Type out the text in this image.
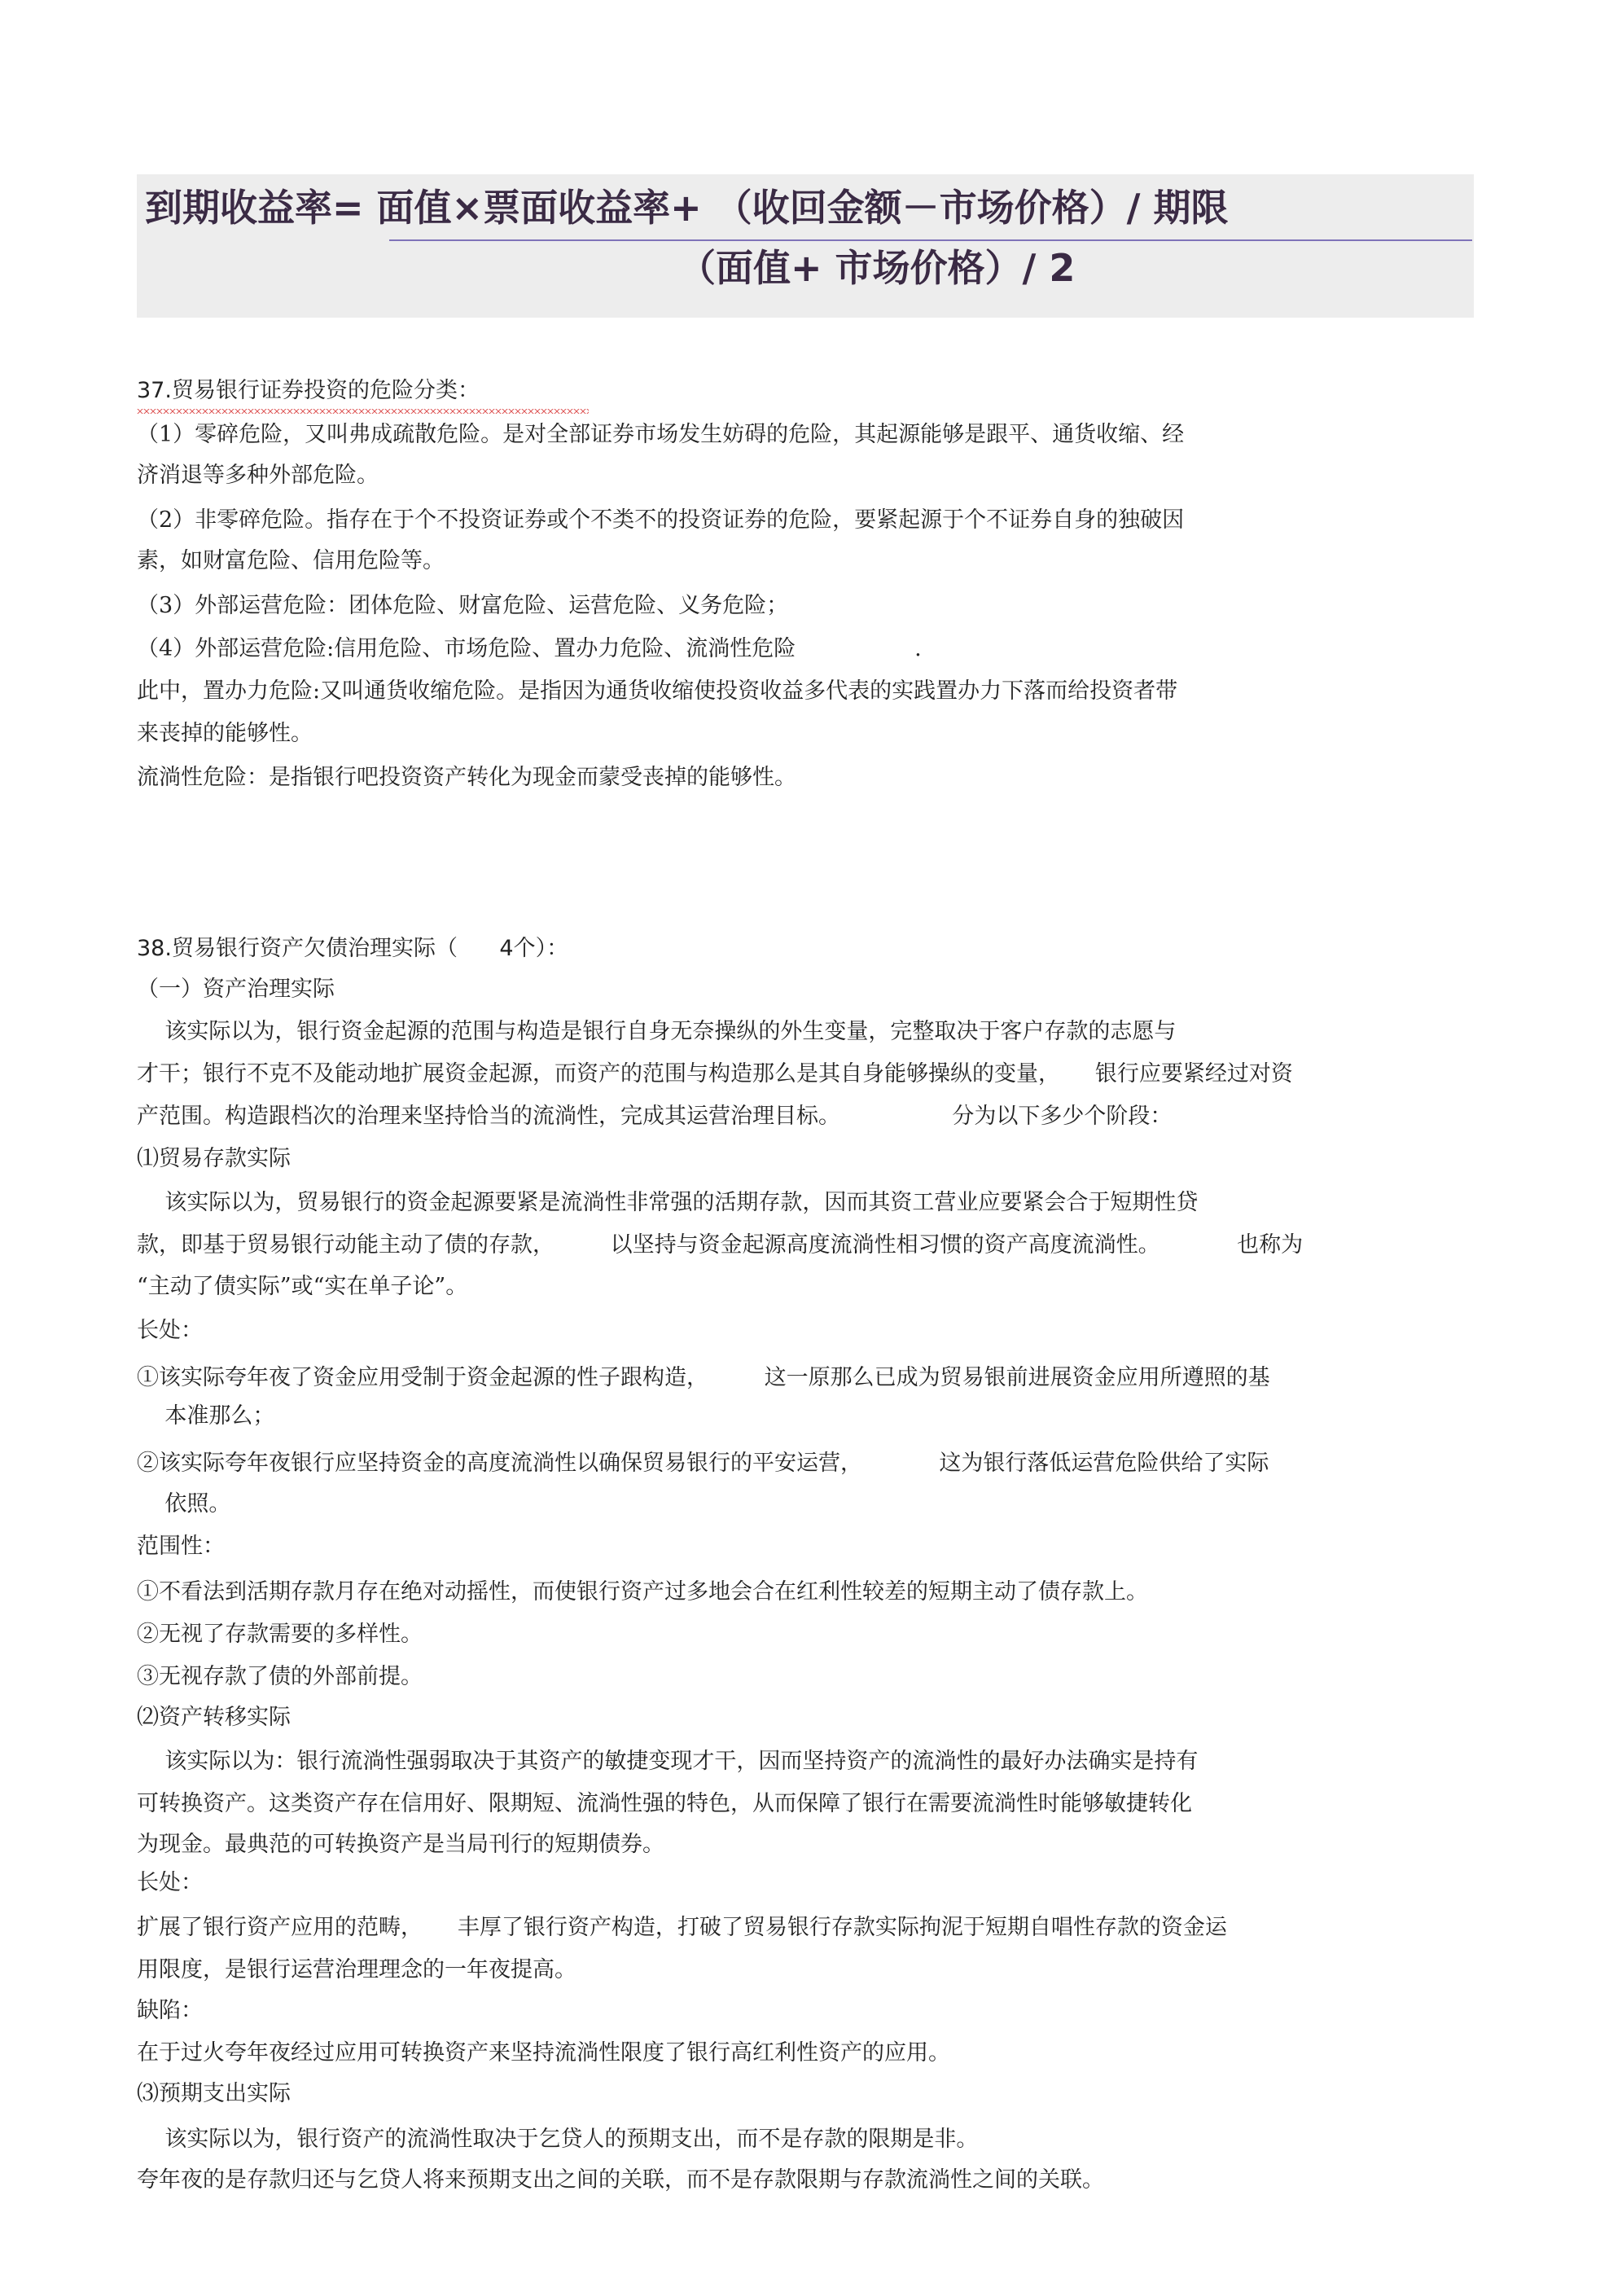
到期收益率= 面值×票面收益率+ （收回金额－市场价格）/ 期限
（面值+ 市场价格）/ 2
37.贸易银行证券投资的危险分类：
（1）零碎危险，又叫弗成疏散危险。是对全部证券市场发生妨碍的危险，其起源能够是跟平、通货收缩、经
济消退等多种外部危险。
（2）非零碎危险。指存在于个不投资证券或个不类不的投资证券的危险，要紧起源于个不证券自身的独破因
素，如财富危险、信用危险等。
（3）外部运营危险：团体危险、财富危险、运营危险、义务危险；
（4）外部运营危险:信用危险、市场危险、置办力危险、流淌性危险                 .
此中，置办力危险:又叫通货收缩危险。是指因为通货收缩使投资收益多代表的实践置办力下落而给投资者带
来丧掉的能够性。
流淌性危险：是指银行吧投资资产转化为现金而蒙受丧掉的能够性。
38.贸易银行资产欠债治理实际（      4个）：
（一）资产治理实际
该实际以为，银行资金起源的范围与构造是银行自身无奈操纵的外生变量，完整取决于客户存款的志愿与
才干；银行不克不及能动地扩展资金起源，而资产的范围与构造那么是其自身能够操纵的变量，     银行应要紧经过对资
产范围。构造跟档次的治理来坚持恰当的流淌性，完成其运营治理目标。                分为以下多少个阶段：
⑴贸易存款实际
该实际以为，贸易银行的资金起源要紧是流淌性非常强的活期存款，因而其资工营业应要紧会合于短期性贷
款，即基于贸易银行动能主动了债的存款，        以坚持与资金起源高度流淌性相习惯的资产高度流淌性。           也称为
“主动了债实际”或“实在单子论”。
长处：
①该实际夸年夜了资金应用受制于资金起源的性子跟构造，        这一原那么已成为贸易银前进展资金应用所遵照的基
本准那么；
②该实际夸年夜银行应坚持资金的高度流淌性以确保贸易银行的平安运营，           这为银行落低运营危险供给了实际
依照。
范围性：
①不看法到活期存款月存在绝对动摇性，而使银行资产过多地会合在红利性较差的短期主动了债存款上。
②无视了存款需要的多样性。
③无视存款了债的外部前提。
⑵资产转移实际
该实际以为：银行流淌性强弱取决于其资产的敏捷变现才干，因而坚持资产的流淌性的最好办法确实是持有
可转换资产。这类资产存在信用好、限期短、流淌性强的特色，从而保障了银行在需要流淌性时能够敏捷转化
为现金。最典范的可转换资产是当局刊行的短期债券。
长处：
扩展了银行资产应用的范畴，     丰厚了银行资产构造，打破了贸易银行存款实际拘泥于短期自唱性存款的资金运
用限度，是银行运营治理理念的一年夜提高。
缺陷：
在于过火夸年夜经过应用可转换资产来坚持流淌性限度了银行高红利性资产的应用。
⑶预期支出实际
该实际以为，银行资产的流淌性取决于乞贷人的预期支出，而不是存款的限期是非。
夸年夜的是存款归还与乞贷人将来预期支出之间的关联，而不是存款限期与存款流淌性之间的关联。
